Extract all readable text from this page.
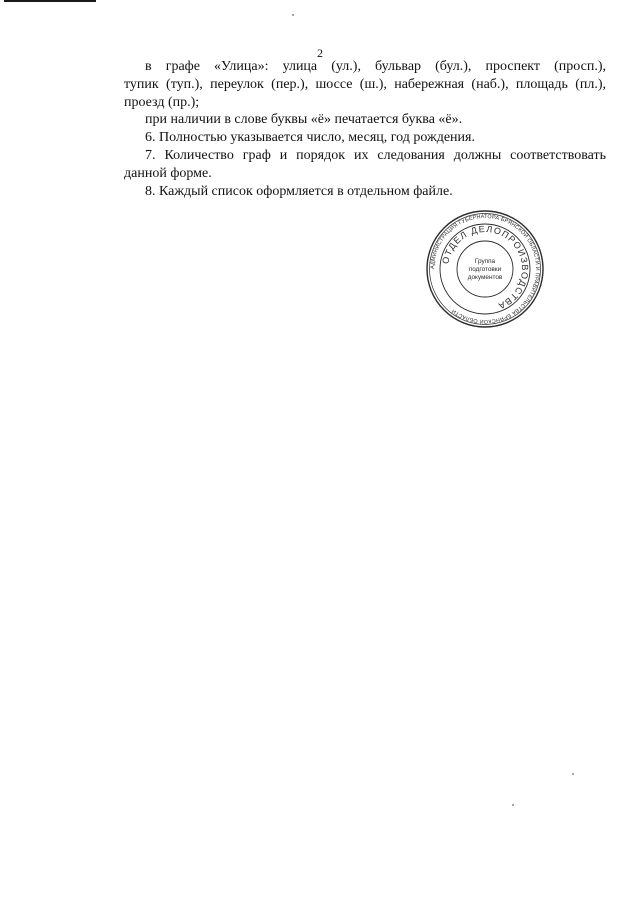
2

в графе «Улица»: улица (ул.), бульвар (бул.), проспект (просп.),

тупик (туп.), переулок (пер.), шоссе (ш.), набережная (наб.), площадь (пл.),

проезд (пр.);

при наличии в слове буквы «ё» печатается буква «ё».

6. Полностью указывается число, месяц, год рождения.

7. Количество граф и порядок их следования должны соответствовать

данной форме.

8. Каждый список оформляется в отдельном файле.

АДМИНИСТРАЦИЯ ГУБЕРНАТОРА БРЯНСКОЙ ОБЛАСТИ И ПРАВИТЕЛЬСТВА БРЯНСКОЙ ОБЛАСТИ
ОТДЕЛ ДЕЛОПРОИЗВОДСТВА
Группа
подготовки
документов
